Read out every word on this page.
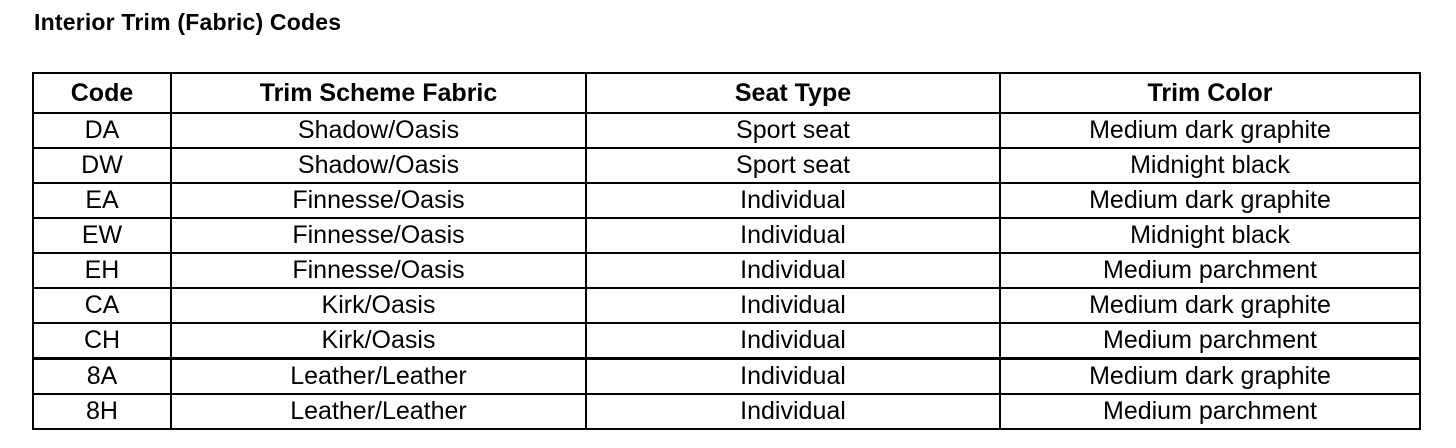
Interior Trim (Fabric) Codes
Code	Trim Scheme Fabric	Seat Type	Trim Color
DA	Shadow/Oasis	Sport seat	Medium dark graphite
DW	Shadow/Oasis	Sport seat	Midnight black
EA	Finnesse/Oasis	Individual	Medium dark graphite
EW	Finnesse/Oasis	Individual	Midnight black
EH	Finnesse/Oasis	Individual	Medium parchment
CA	Kirk/Oasis	Individual	Medium dark graphite
CH	Kirk/Oasis	Individual	Medium parchment
8A	Leather/Leather	Individual	Medium dark graphite
8H	Leather/Leather	Individual	Medium parchment
